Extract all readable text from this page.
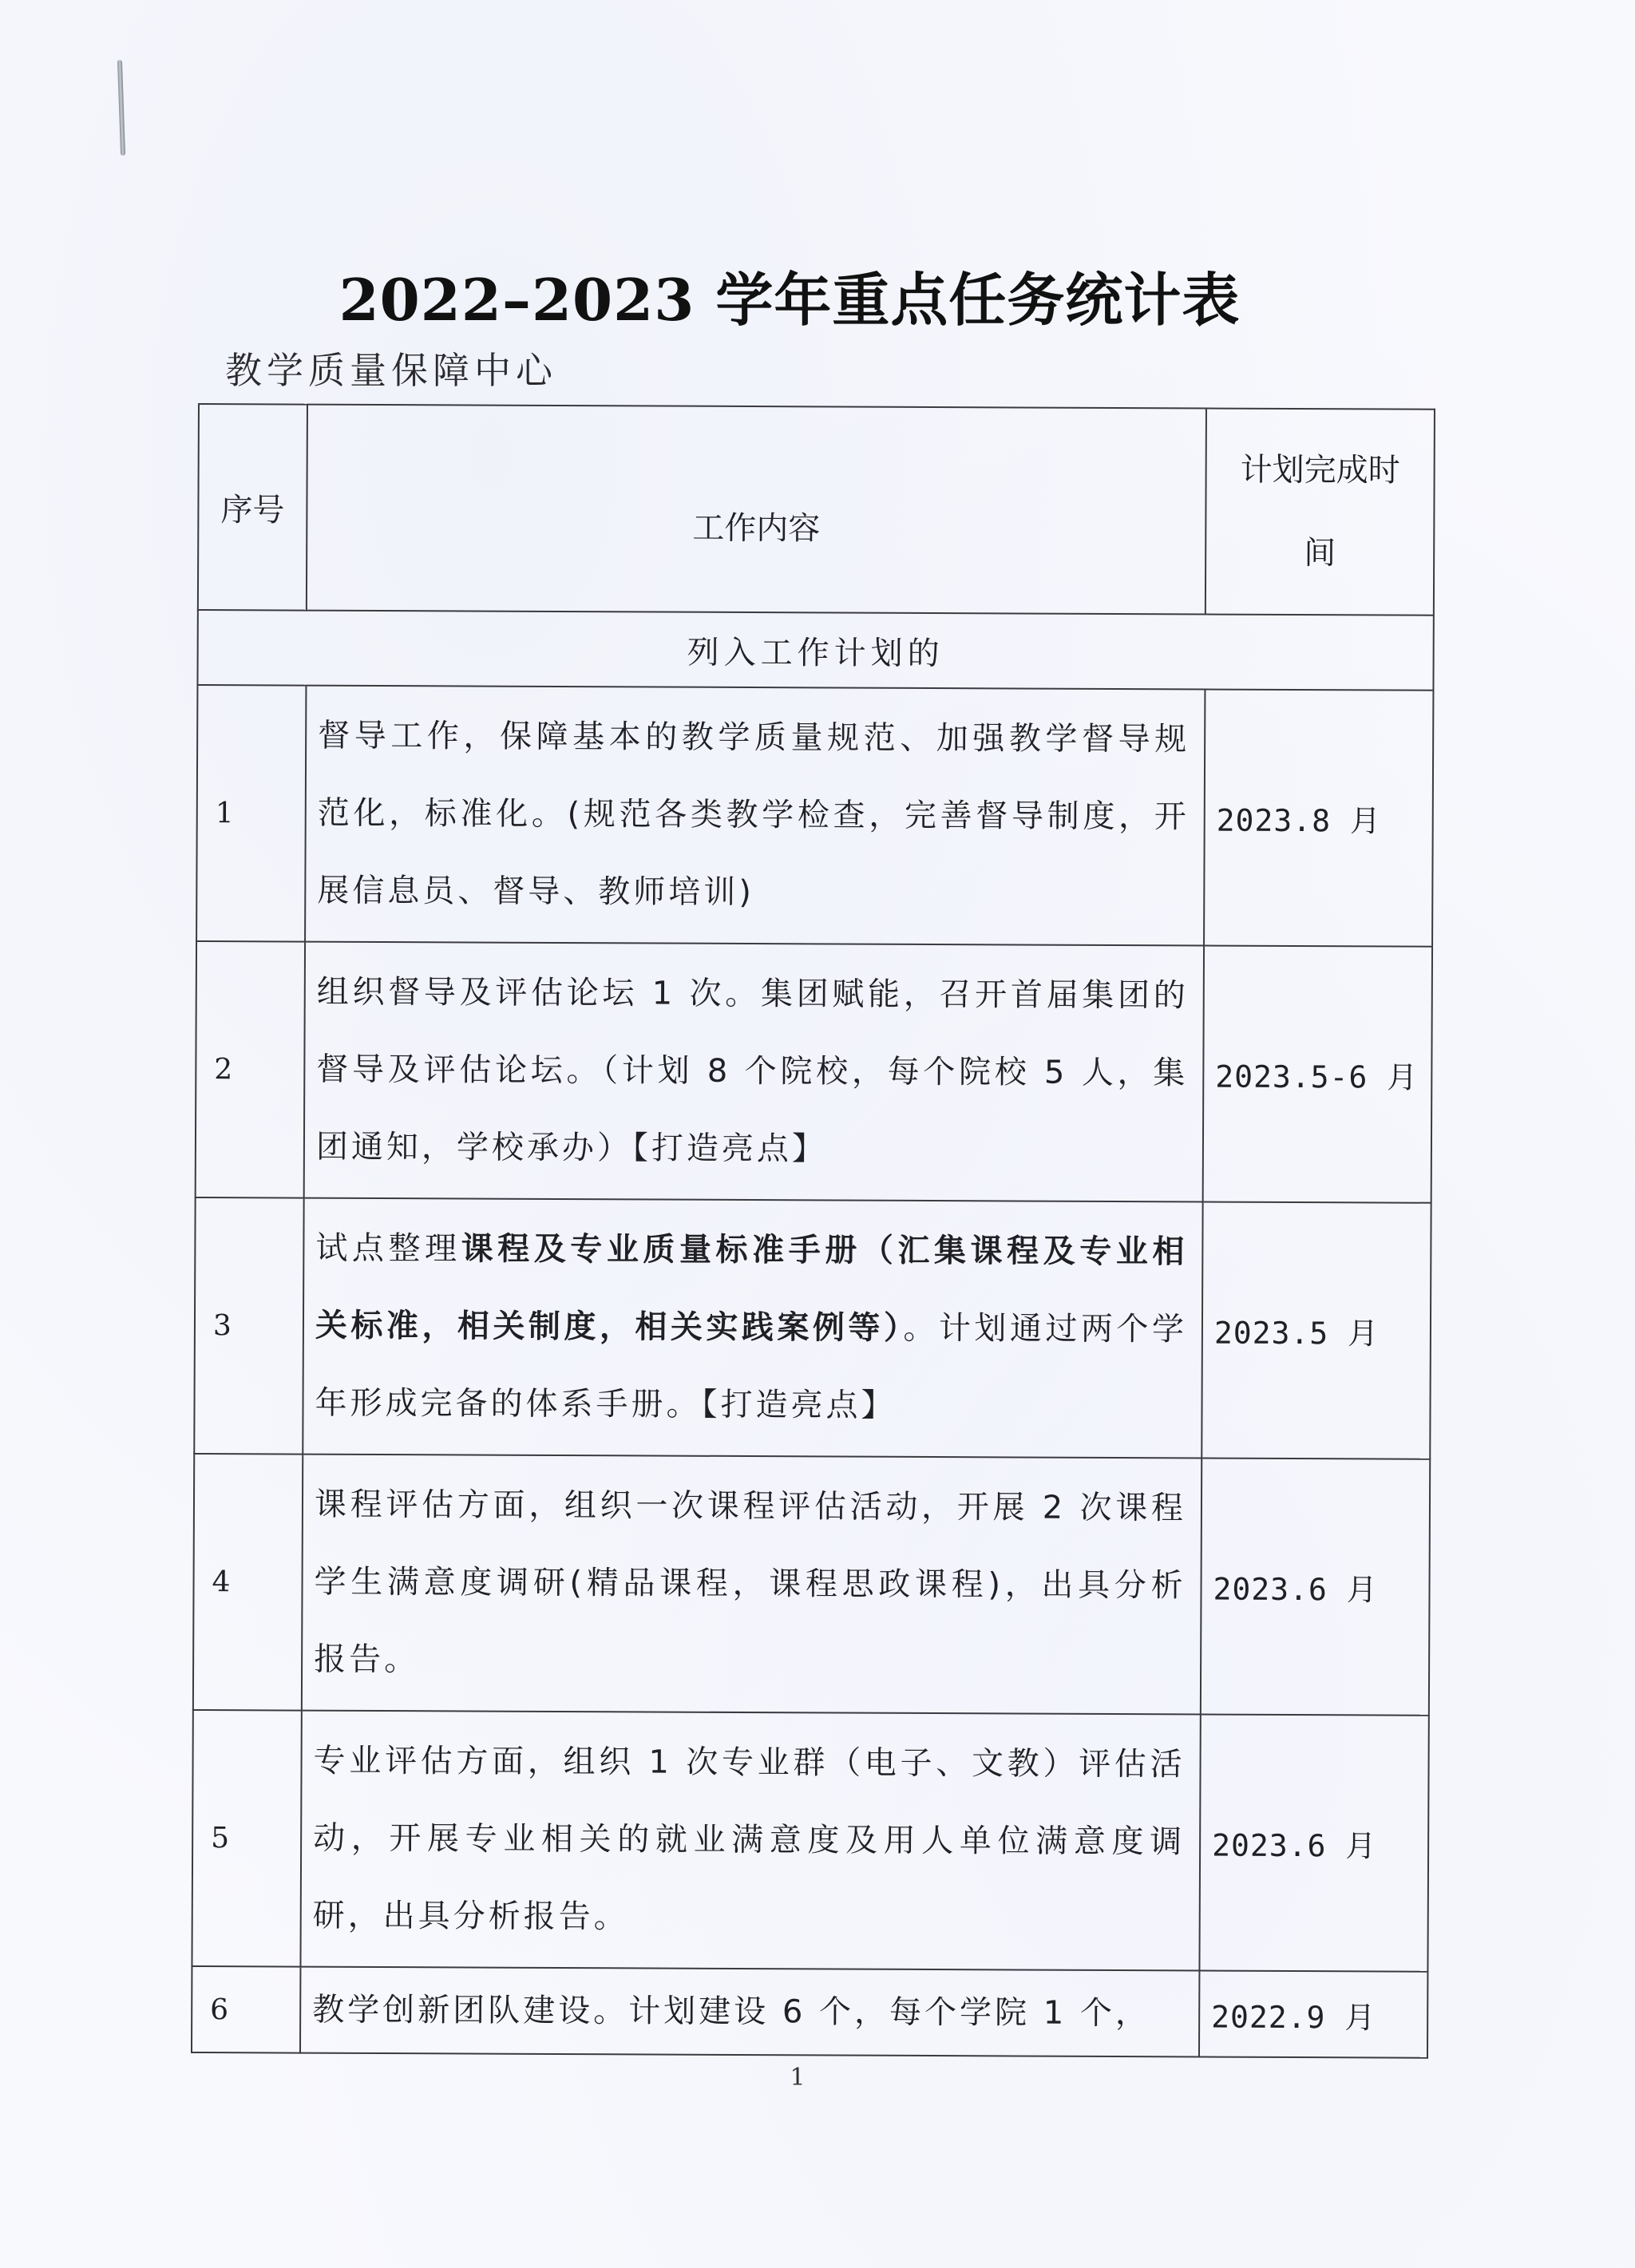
2022–2023 学年重点任务统计表
教学质量保障中心
序号	工作内容	计划完成时
间
列入工作计划的		
1	督导工作，保障基本的教学质量规范、加强教学督导规范化，标准化。(规范各类教学检查，完善督导制度，开展信息员、督导、教师培训)	2023.8 月
2	组织督导及评估论坛 1 次。集团赋能，召开首届集团的督导及评估论坛。（计划 8 个院校，每个院校 5 人，集团通知，学校承办）【打造亮点】	2023.5-6 月
3	试点整理课程及专业质量标准手册（汇集课程及专业相关标准，相关制度，相关实践案例等）。计划通过两个学年形成完备的体系手册。【打造亮点】	2023.5 月
4	课程评估方面，组织一次课程评估活动，开展 2 次课程学生满意度调研(精品课程，课程思政课程)，出具分析报告。	2023.6 月
5	专业评估方面，组织 1 次专业群（电子、文教）评估活动，开展专业相关的就业满意度及用人单位满意度调研，出具分析报告。	2023.6 月
6	教学创新团队建设。计划建设 6 个，每个学院 1 个，	2022.9 月
1
